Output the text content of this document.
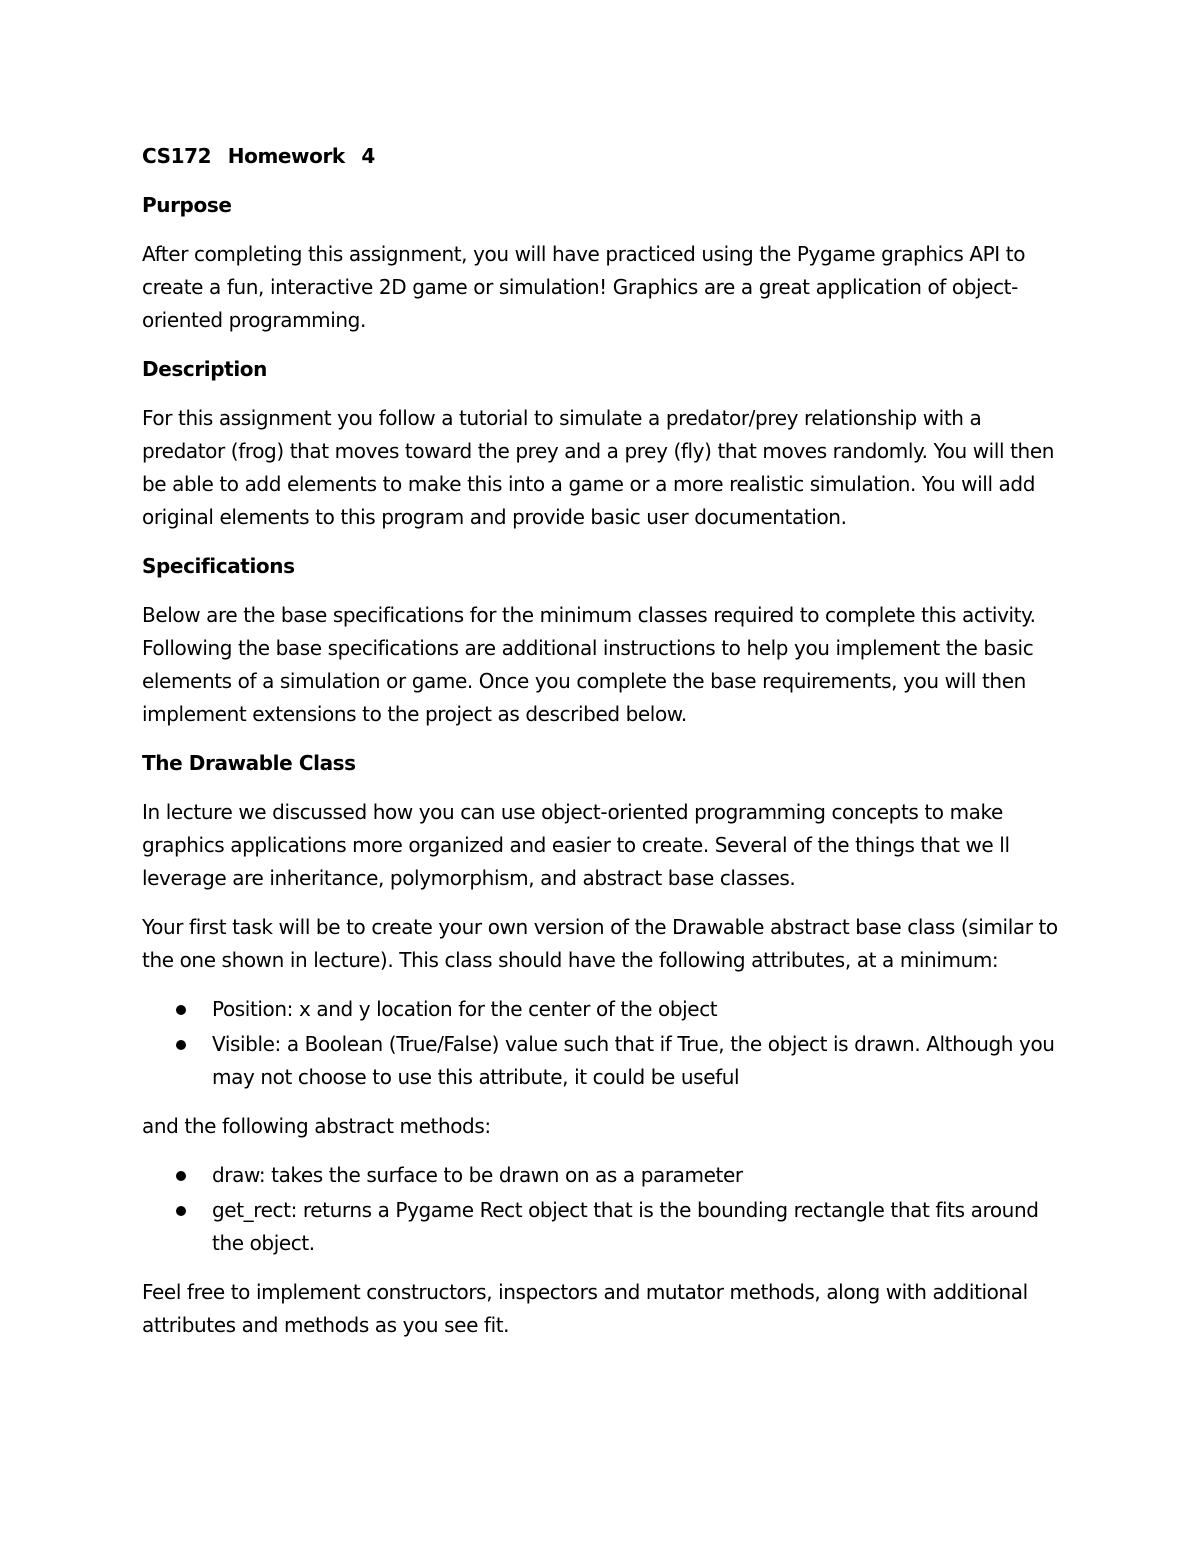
CS172 Homework 4
Purpose
After completing this assignment, you will have practiced using the Pygame graphics API to create a fun, interactive 2D game or simulation! Graphics are a great application of object-oriented programming.
Description
For this assignment you follow a tutorial to simulate a predator/prey relationship with a predator (frog) that moves toward the prey and a prey (fly) that moves randomly. You will then be able to add elements to make this into a game or a more realistic simulation. You will add original elements to this program and provide basic user documentation.
Specifications
Below are the base specifications for the minimum classes required to complete this activity. Following the base specifications are additional instructions to help you implement the basic elements of a simulation or game. Once you complete the base requirements, you will then implement extensions to the project as described below.
The Drawable Class
In lecture we discussed how you can use object-oriented programming concepts to make graphics applications more organized and easier to create. Several of the things that we ll leverage are inheritance, polymorphism, and abstract base classes.
Your first task will be to create your own version of the Drawable abstract base class (similar to the one shown in lecture). This class should have the following attributes, at a minimum:
Position: x and y location for the center of the object
Visible: a Boolean (True/False) value such that if True, the object is drawn. Although you may not choose to use this attribute, it could be useful
and the following abstract methods:
draw: takes the surface to be drawn on as a parameter
get_rect: returns a Pygame Rect object that is the bounding rectangle that fits around the object.
Feel free to implement constructors, inspectors and mutator methods, along with additional attributes and methods as you see fit.
